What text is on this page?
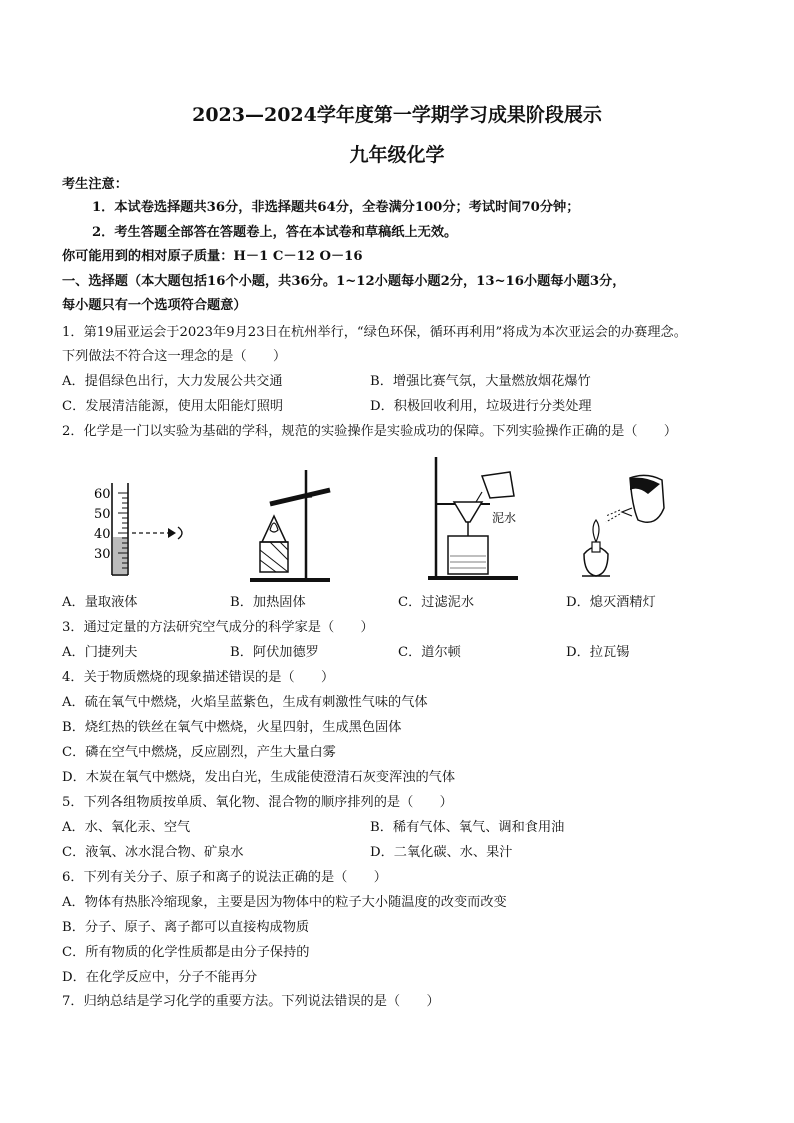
2023—2024学年度第一学期学习成果阶段展示
九年级化学
考生注意：
1．本试卷选择题共36分，非选择题共64分，全卷满分100分；考试时间70分钟；
2．考生答题全部答在答题卷上，答在本试卷和草稿纸上无效。
你可能用到的相对原子质量：H－1 C－12 O－16
一、选择题（本大题包括16个小题，共36分。1~12小题每小题2分，13~16小题每小题3分，
每小题只有一个选项符合题意）
1．第19届亚运会于2023年9月23日在杭州举行，“绿色环保，循环再利用”将成为本次亚运会的办赛理念。
下列做法不符合这一理念的是（　　）
A．提倡绿色出行，大力发展公共交通	B．增强比赛气氛，大量燃放烟花爆竹
C．发展清洁能源，使用太阳能灯照明	D．积极回收利用，垃圾进行分类处理
2．化学是一门以实验为基础的学科，规范的实验操作是实验成功的保障。下列实验操作正确的是（　　）
60
50
40
30
泥水
A．量取液体	B．加热固体	C．过滤泥水	D．熄灭酒精灯
3．通过定量的方法研究空气成分的科学家是（　　）
A．门捷列夫	B．阿伏加德罗	C．道尔顿	D．拉瓦锡
4．关于物质燃烧的现象描述错误的是（　　）
A．硫在氧气中燃烧，火焰呈蓝紫色，生成有刺激性气味的气体
B．烧红热的铁丝在氧气中燃烧，火星四射，生成黑色固体
C．磷在空气中燃烧，反应剧烈，产生大量白雾
D．木炭在氧气中燃烧，发出白光，生成能使澄清石灰变浑浊的气体
5．下列各组物质按单质、氧化物、混合物的顺序排列的是（　　）
A．水、氧化汞、空气	B．稀有气体、氧气、调和食用油
C．液氧、冰水混合物、矿泉水	D．二氧化碳、水、果汁
6．下列有关分子、原子和离子的说法正确的是（　　）
A．物体有热胀冷缩现象，主要是因为物体中的粒子大小随温度的改变而改变
B．分子、原子、离子都可以直接构成物质
C．所有物质的化学性质都是由分子保持的
D．在化学反应中，分子不能再分
7．归纳总结是学习化学的重要方法。下列说法错误的是（　　）
